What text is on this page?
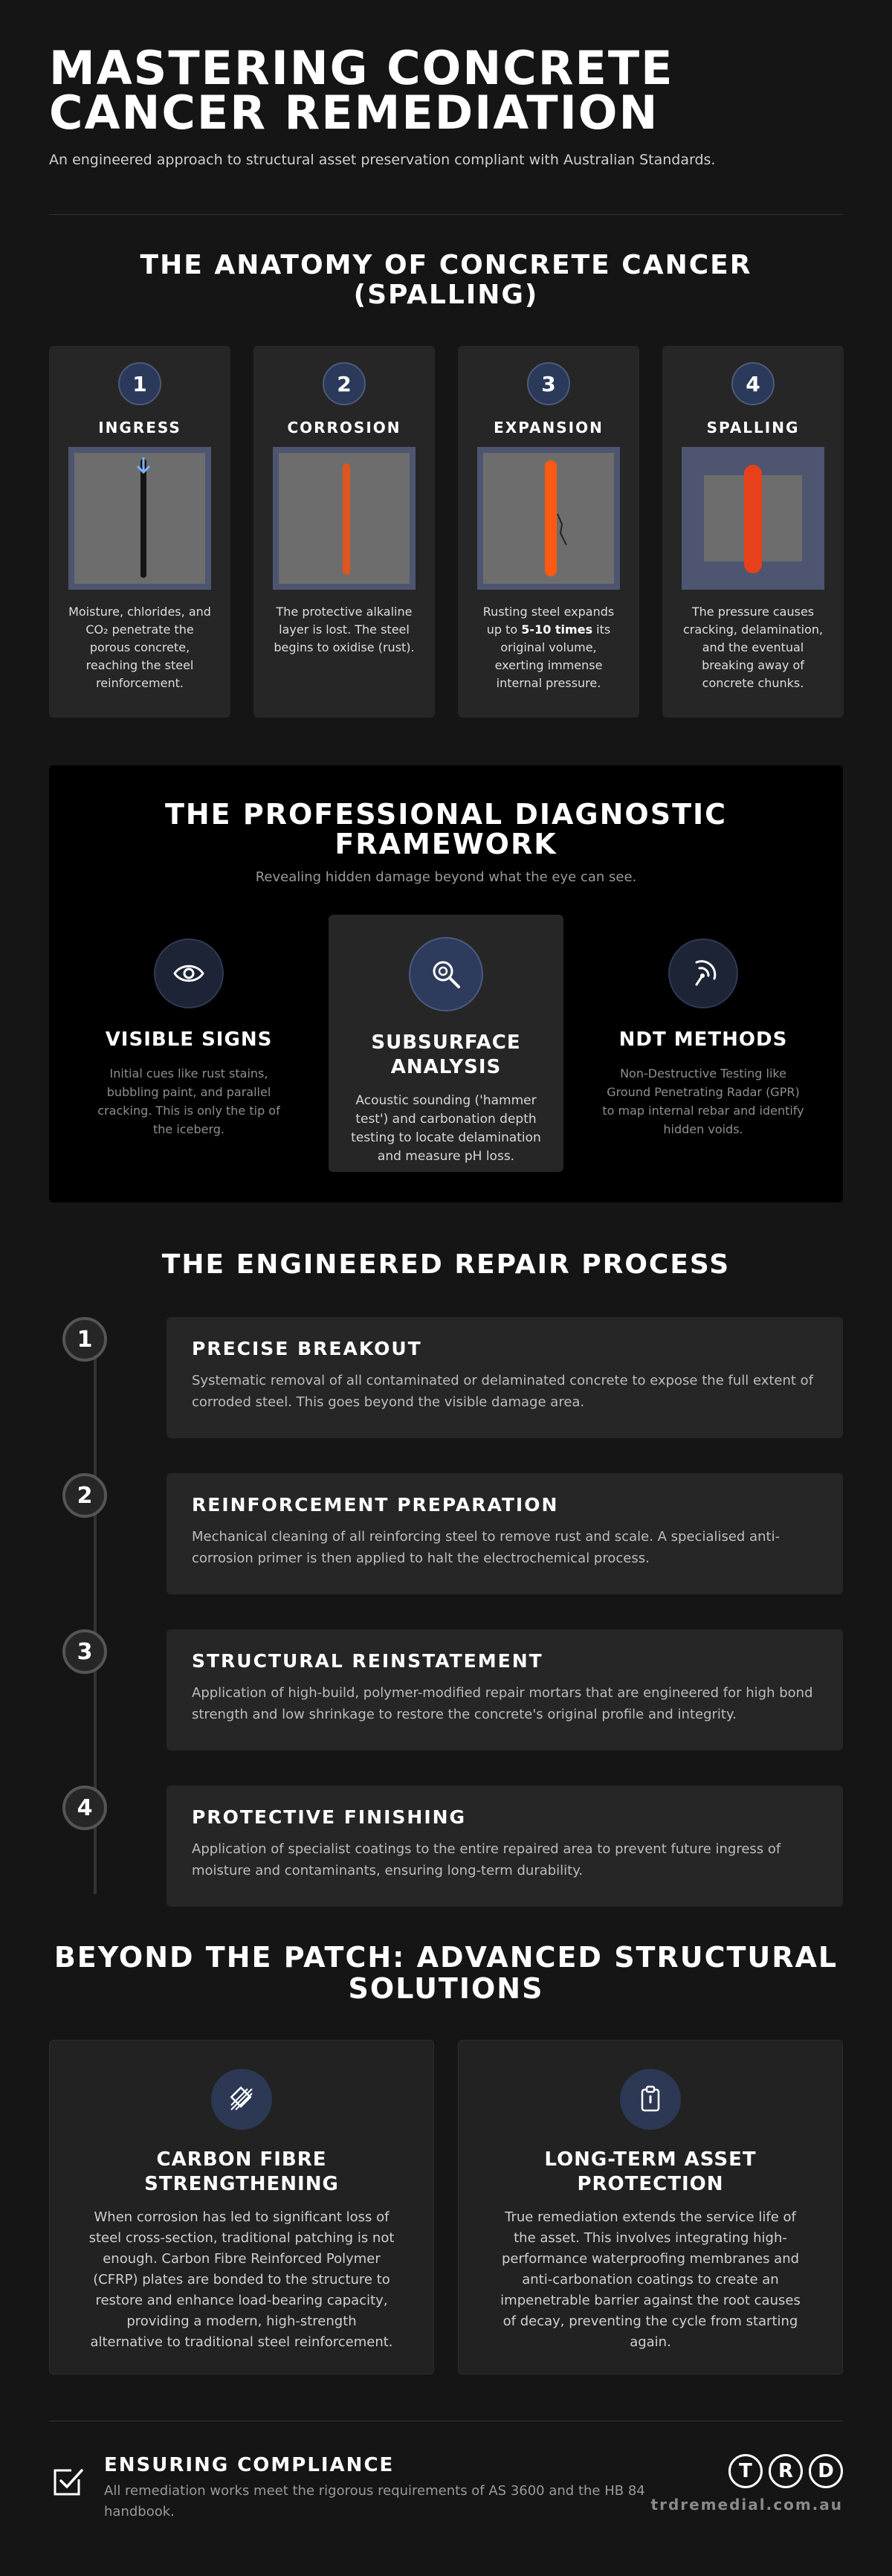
MASTERING CONCRETE
CANCER REMEDIATION
An engineered approach to structural asset preservation compliant with Australian Standards.
THE ANATOMY OF CONCRETE CANCER
(SPALLING)
1
INGRESS
Moisture, chlorides, and CO₂ penetrate the porous concrete, reaching the steel reinforcement.
2
CORROSION
The protective alkaline layer is lost. The steel begins to oxidise (rust).
3
EXPANSION
Rusting steel expands up to 5-10 times its original volume, exerting immense internal pressure.
4
SPALLING
The pressure causes cracking, delamination, and the eventual breaking away of concrete chunks.
THE PROFESSIONAL DIAGNOSTIC
FRAMEWORK
Revealing hidden damage beyond what the eye can see.
VISIBLE SIGNS
Initial cues like rust stains, bubbling paint, and parallel cracking. This is only the tip of the iceberg.
SUBSURFACE
ANALYSIS
Acoustic sounding ('hammer test') and carbonation depth testing to locate delamination and measure pH loss.
NDT METHODS
Non-Destructive Testing like Ground Penetrating Radar (GPR) to map internal rebar and identify hidden voids.
THE ENGINEERED REPAIR PROCESS
1	PRECISE BREAKOUT
Systematic removal of all contaminated or delaminated concrete to expose the full extent of corroded steel. This goes beyond the visible damage area.
2	REINFORCEMENT PREPARATION
Mechanical cleaning of all reinforcing steel to remove rust and scale. A specialised anti-corrosion primer is then applied to halt the electrochemical process.
3	STRUCTURAL REINSTATEMENT
Application of high-build, polymer-modified repair mortars that are engineered for high bond strength and low shrinkage to restore the concrete's original profile and integrity.
4	PROTECTIVE FINISHING
Application of specialist coatings to the entire repaired area to prevent future ingress of moisture and contaminants, ensuring long-term durability.
BEYOND THE PATCH: ADVANCED STRUCTURAL
SOLUTIONS
CARBON FIBRE
STRENGTHENING
When corrosion has led to significant loss of steel cross-section, traditional patching is not enough. Carbon Fibre Reinforced Polymer (CFRP) plates are bonded to the structure to restore and enhance load-bearing capacity, providing a modern, high-strength alternative to traditional steel reinforcement.
LONG-TERM ASSET
PROTECTION
True remediation extends the service life of the asset. This involves integrating high-performance waterproofing membranes and anti-carbonation coatings to create an impenetrable barrier against the root causes of decay, preventing the cycle from starting again.
ENSURING COMPLIANCE
All remediation works meet the rigorous requirements of AS 3600 and the HB 84 handbook.
T	R	D
trdremedial.com.au
